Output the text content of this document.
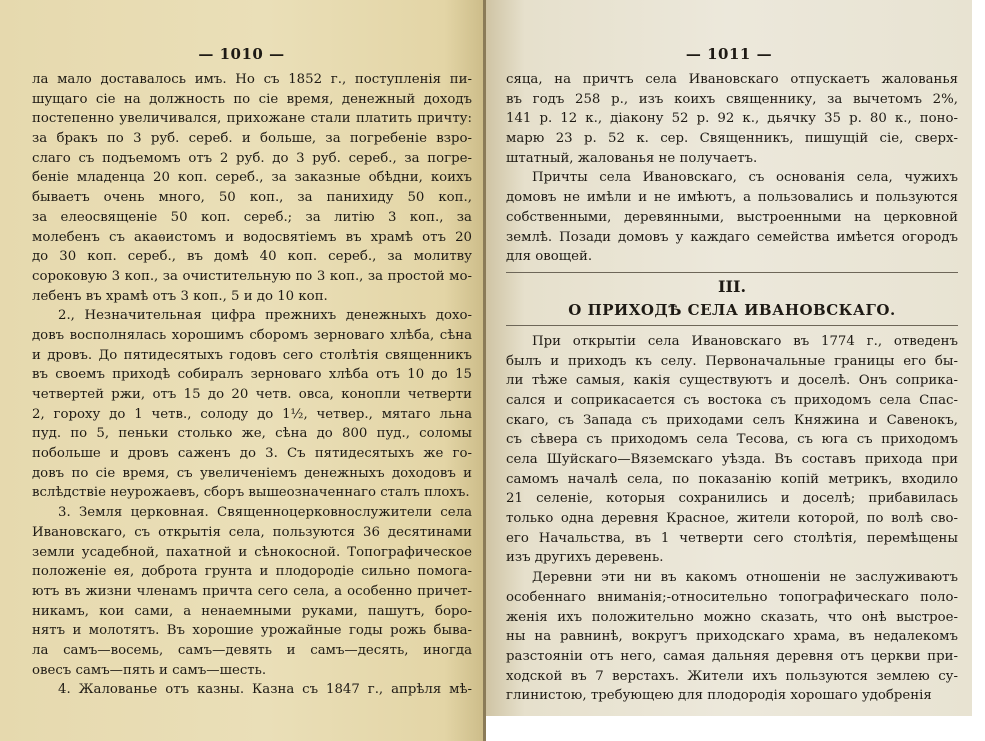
— 1010 —
ла мало доставалось имъ. Но съ 1852 г., поступленія пи-
шущаго сіе на должность по сіе время, денежный доходъ
постепенно увеличивался, прихожане стали платить причту:
за бракъ по 3 руб. сереб. и больше, за погребеніе взро-
слаго съ подъемомъ отъ 2 руб. до 3 руб. сереб., за погре-
беніе младенца 20 коп. сереб., за заказные обѣдни, коихъ
бываетъ очень много, 50 коп., за панихиду 50 коп.,
за елеосвященіе 50 коп. сереб.; за литію 3 коп., за
молебенъ съ акаѳистомъ и водосвятіемъ въ храмѣ отъ 20
до 30 коп. сереб., въ домѣ 40 коп. сереб., за молитву
сороковую 3 коп., за очистительную по 3 коп., за простой мо-
лебенъ въ храмѣ отъ 3 коп., 5 и до 10 коп.
2., Незначительная цифра прежнихъ денежныхъ дохо-
довъ восполнялась хорошимъ сборомъ зерноваго хлѣба, сѣна
и дровъ. До пятидесятыхъ годовъ сего столѣтія священникъ
въ своемъ приходѣ собиралъ зерноваго хлѣба отъ 10 до 15
четвертей ржи, отъ 15 до 20 четв. овса, конопли четверти
2, гороху до 1 четв., солоду до 1½, четвер., мятаго льна
пуд. по 5, пеньки столько же, сѣна до 800 пуд., соломы
побольше и дровъ саженъ до 3. Съ пятидесятыхъ же го-
довъ по сіе время, съ увеличеніемъ денежныхъ доходовъ и
вслѣдствіе неурожаевъ, сборъ вышеозначеннаго сталъ плохъ.
3. Земля церковная. Священноцерковнослужители села
Ивановскаго, съ открытія села, пользуются 36 десятинами
земли усадебной, пахатной и сѣнокосной. Топографическое
положеніе ея, доброта грунта и плодородіе сильно помога-
ютъ въ жизни членамъ причта сего села, а особенно причет-
никамъ, кои сами, а ненаемными руками, пашутъ, боро-
нятъ и молотятъ. Въ хорошие урожайные годы рожь быва-
ла самъ—восемь, самъ—девять и самъ—десять, иногда
овесъ самъ—пять и самъ—шесть.
4. Жалованье отъ казны. Казна съ 1847 г., апрѣля мѣ-
— 1011 —
сяца, на причтъ села Ивановскаго отпускаетъ жалованья
въ годъ 258 р., изъ коихъ священнику, за вычетомъ 2%,
141 р. 12 к., діакону 52 р. 92 к., дьячку 35 р. 80 к., поно-
марю 23 р. 52 к. сер. Священникъ, пишущій сіе, сверх-
штатный, жалованья не получаетъ.
Причты села Ивановскаго, съ основанія села, чужихъ
домовъ не имѣли и не имѣютъ, а пользовались и пользуются
собственными, деревянными, выстроенными на церковной
землѣ. Позади домовъ у каждаго семейства имѣется огородъ
для овощей.
III.
О ПРИХОДѢ СЕЛА ИВАНОВСКАГО.
При открытіи села Ивановскаго въ 1774 г., отведенъ
былъ и приходъ къ селу. Первоначальные границы его бы-
ли тѣже самыя, какія существуютъ и доселѣ. Онъ соприка-
сался и соприкасается съ востока съ приходомъ села Спас-
скаго, съ Запада съ приходами селъ Княжина и Савенокъ,
съ сѣвера съ приходомъ села Тесова, съ юга съ приходомъ
села Шуйскаго—Вяземскаго уѣзда. Въ составъ прихода при
самомъ началѣ села, по показанію копій метрикъ, входило
21 селеніе, которыя сохранились и доселѣ; прибавилась
только одна деревня Красное, жители которой, по волѣ сво-
его Начальства, въ 1 четверти сего столѣтія, перемѣщены
изъ другихъ деревень.
Деревни эти ни въ какомъ отношеніи не заслуживаютъ
особеннаго вниманія;-относительно топографическаго поло-
женія ихъ положительно можно сказать, что онѣ выстрое-
ны на равнинѣ, вокругъ приходскаго храма, въ недалекомъ
разстояніи отъ него, самая дальняя деревня отъ церкви при-
ходской въ 7 верстахъ. Жители ихъ пользуются землею су-
глинистою, требующею для плодородія хорошаго удобренія
